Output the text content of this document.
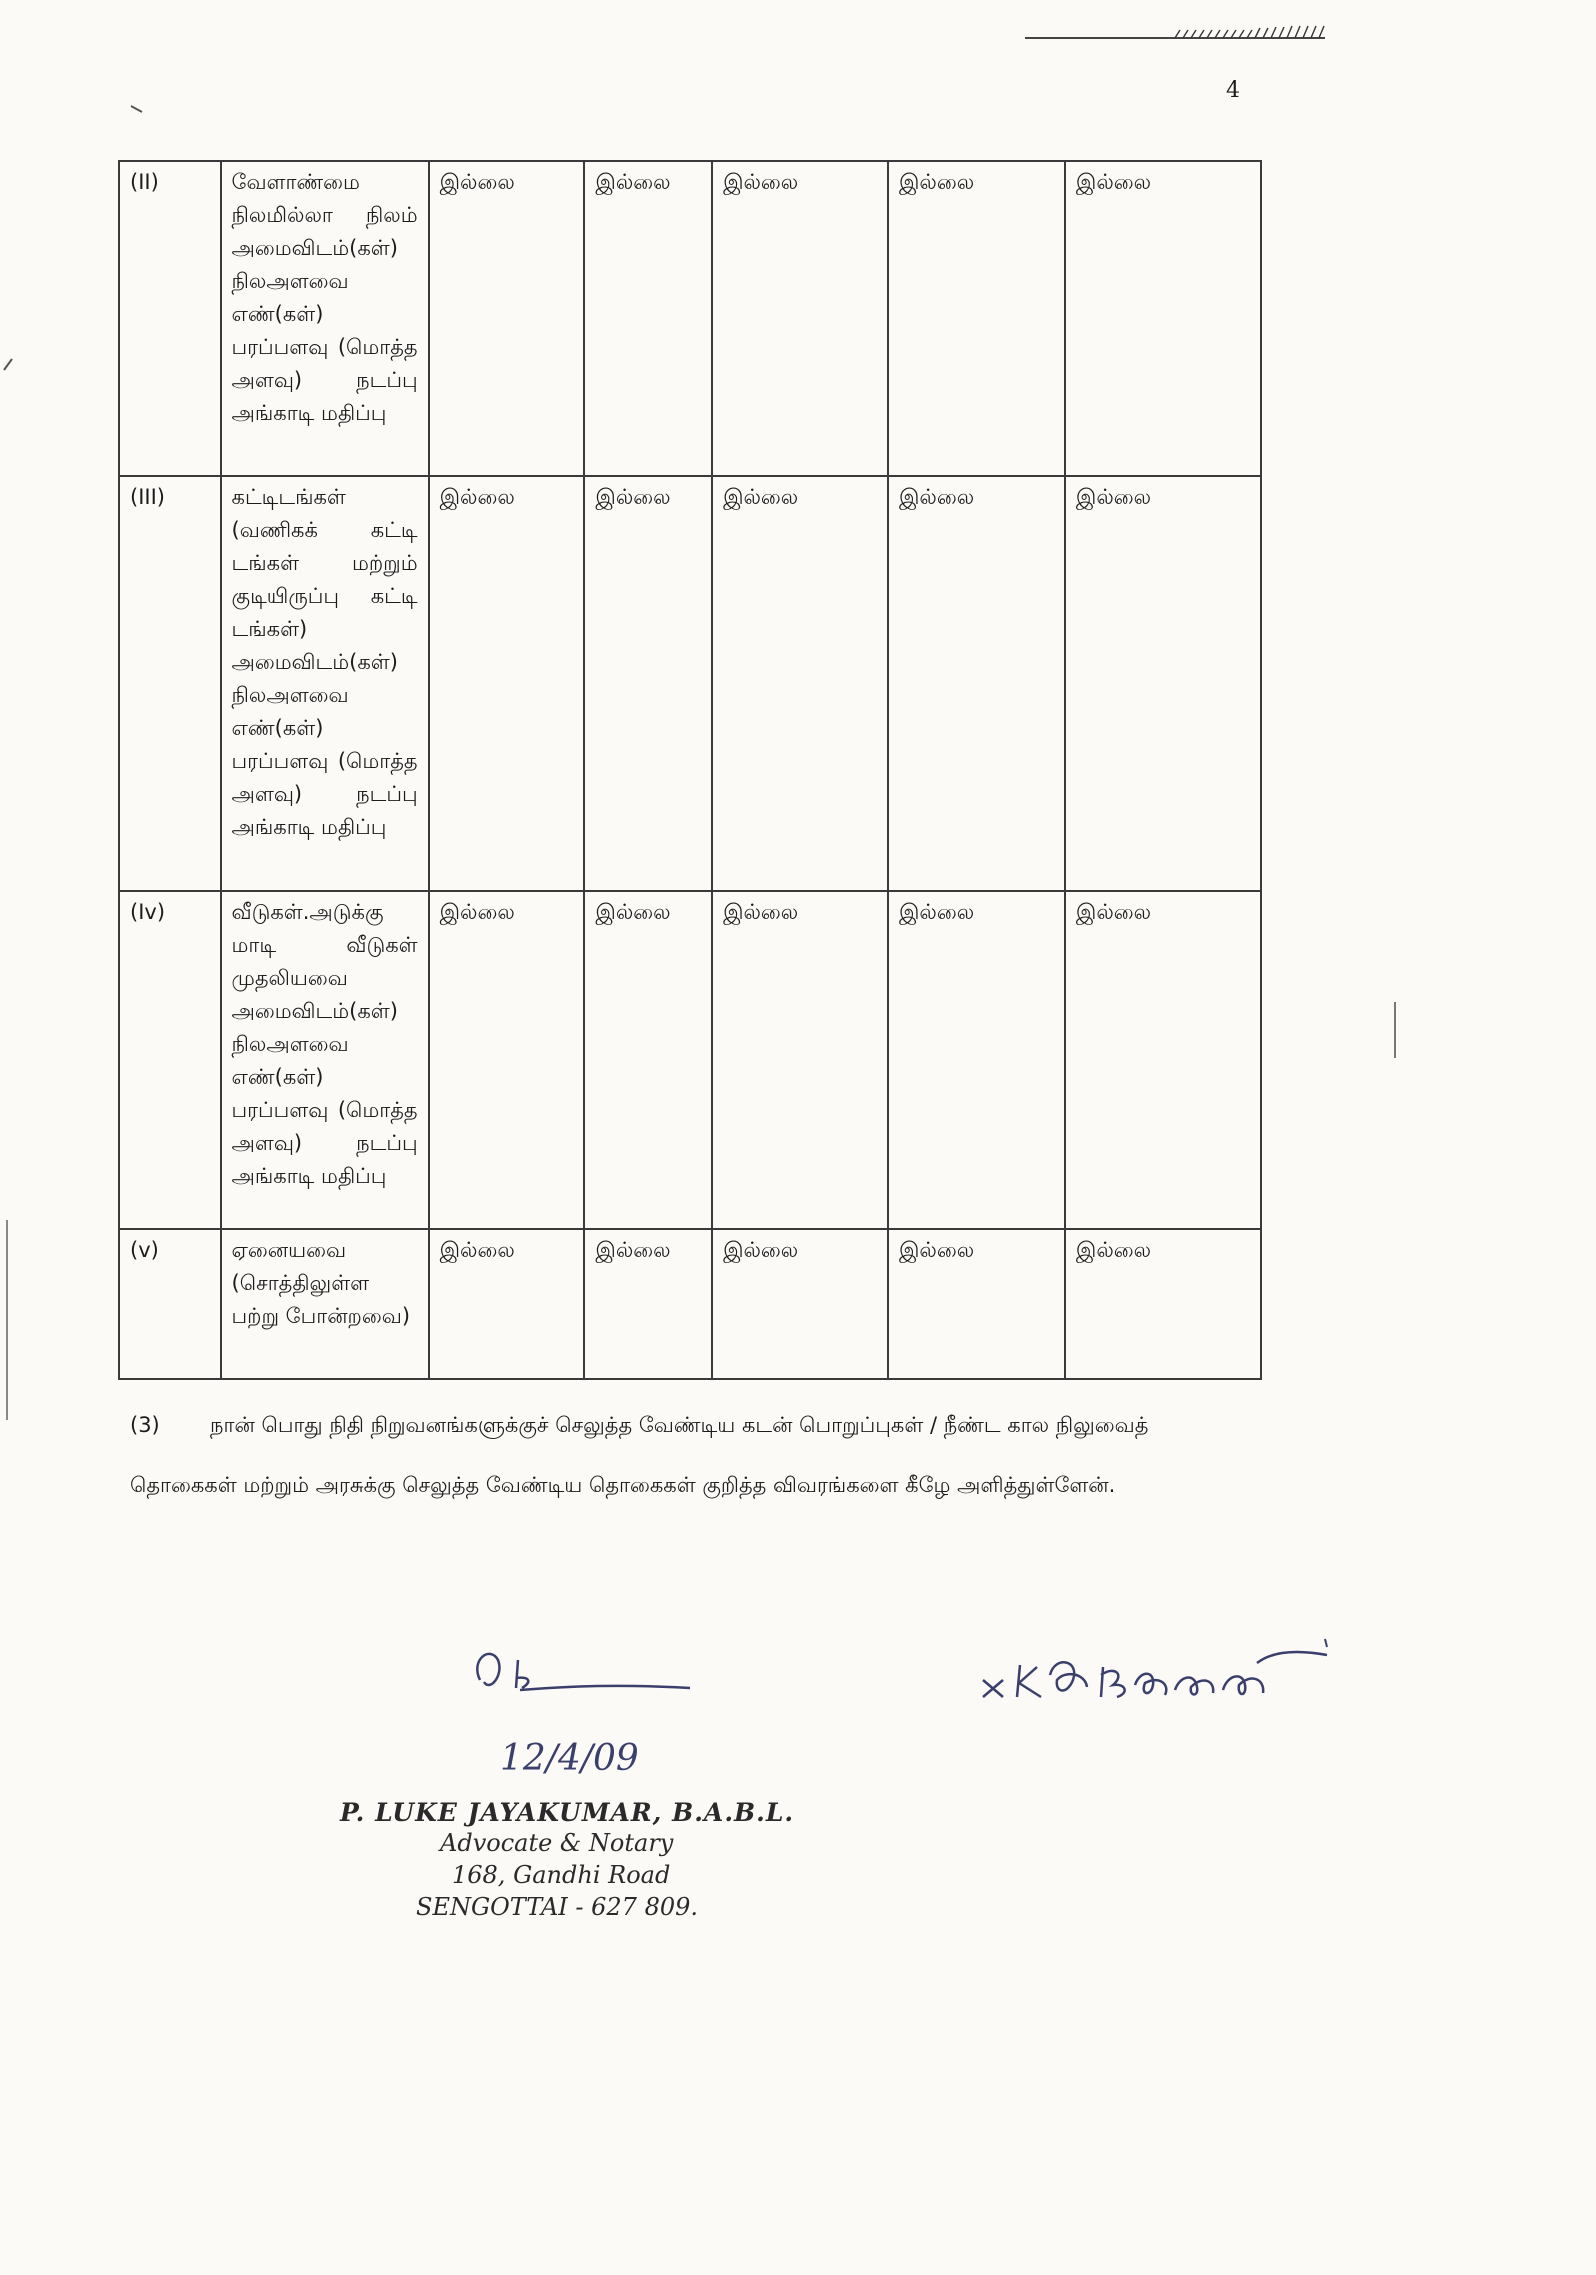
4
(II)	வேளாண்மை நிலமில்லா நிலம் அமைவிடம்(கள்) நிலஅளவை எண்(கள்) பரப்பளவு (மொத்த அளவு) நடப்பு அங்காடி மதிப்பு	இல்லை	இல்லை	இல்லை	இல்லை	இல்லை
(III)	கட்டிடங்கள் (வணிகக் கட்டி டங்கள் மற்றும் குடியிருப்பு கட்டி டங்கள்) அமைவிடம்(கள்) நிலஅளவை எண்(கள்) பரப்பளவு (மொத்த அளவு) நடப்பு அங்காடி மதிப்பு	இல்லை	இல்லை	இல்லை	இல்லை	இல்லை
(Iv)	வீடுகள்.அடுக்கு மாடி வீடுகள் முதலியவை அமைவிடம்(கள்) நிலஅளவை எண்(கள்) பரப்பளவு (மொத்த அளவு) நடப்பு அங்காடி மதிப்பு	இல்லை	இல்லை	இல்லை	இல்லை	இல்லை
(v)	ஏனையவை (சொத்திலுள்ள பற்று போன்றவை)	இல்லை	இல்லை	இல்லை	இல்லை	இல்லை
(3) நான் பொது நிதி நிறுவனங்களுக்குச் செலுத்த வேண்டிய கடன் பொறுப்புகள் / நீண்ட கால நிலுவைத் தொகைகள் மற்றும் அரசுக்கு செலுத்த வேண்டிய தொகைகள் குறித்த விவரங்களை கீழே அளித்துள்ளேன்.
12/4/09
P. LUKE JAYAKUMAR, B.A.B.L.
Advocate & Notary
168, Gandhi Road
SENGOTTAI - 627 809.
